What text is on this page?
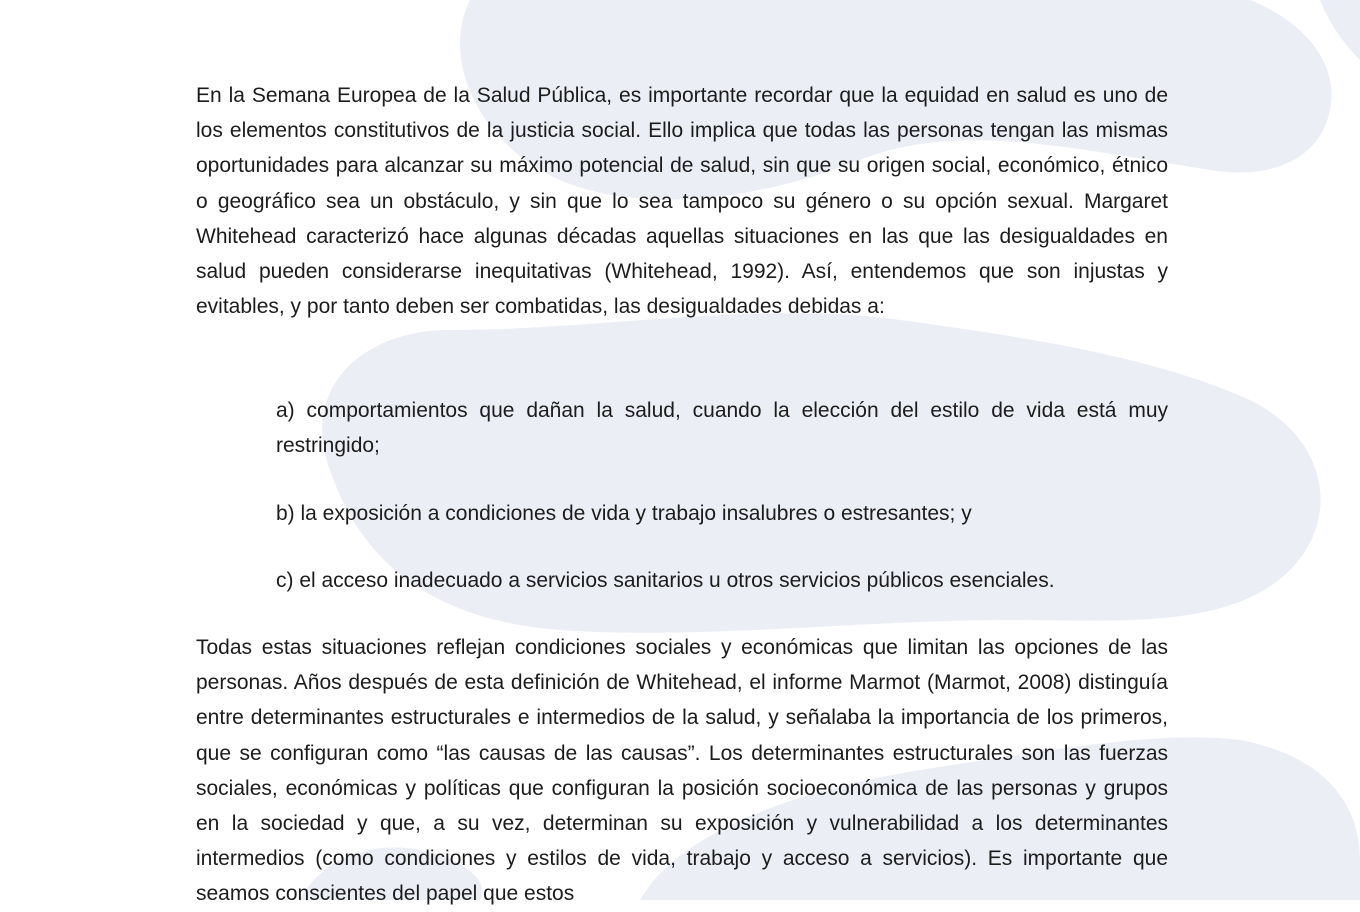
En la Semana Europea de la Salud Pública, es importante recordar que la equidad en salud es uno de los elementos constitutivos de la justicia social. Ello implica que todas las personas tengan las mismas oportunidades para alcanzar su máximo potencial de salud, sin que su origen social, económico, étnico o geográfico sea un obstáculo, y sin que lo sea tampoco su género o su opción sexual. Margaret Whitehead caracterizó hace algunas décadas aquellas situaciones en las que las desigualdades en salud pueden considerarse inequitativas (Whitehead, 1992). Así, entendemos que son injustas y evitables, y por tanto deben ser combatidas, las desigualdades debidas a:

a) comportamientos que dañan la salud, cuando la elección del estilo de vida está muy restringido;

b) la exposición a condiciones de vida y trabajo insalubres o estresantes; y

c) el acceso inadecuado a servicios sanitarios u otros servicios públicos esenciales.

Todas estas situaciones reflejan condiciones sociales y económicas que limitan las opciones de las personas. Años después de esta definición de Whitehead, el informe Marmot (Marmot, 2008) distinguía entre determinantes estructurales e intermedios de la salud, y señalaba la importancia de los primeros, que se configuran como “las causas de las causas”. Los determinantes estructurales son las fuerzas sociales, económicas y políticas que configuran la posición socioeconómica de las personas y grupos en la sociedad y que, a su vez, determinan su exposición y vulnerabilidad a los determinantes intermedios (como condiciones y estilos de vida, trabajo y acceso a servicios). Es importante que seamos conscientes del papel que estos
